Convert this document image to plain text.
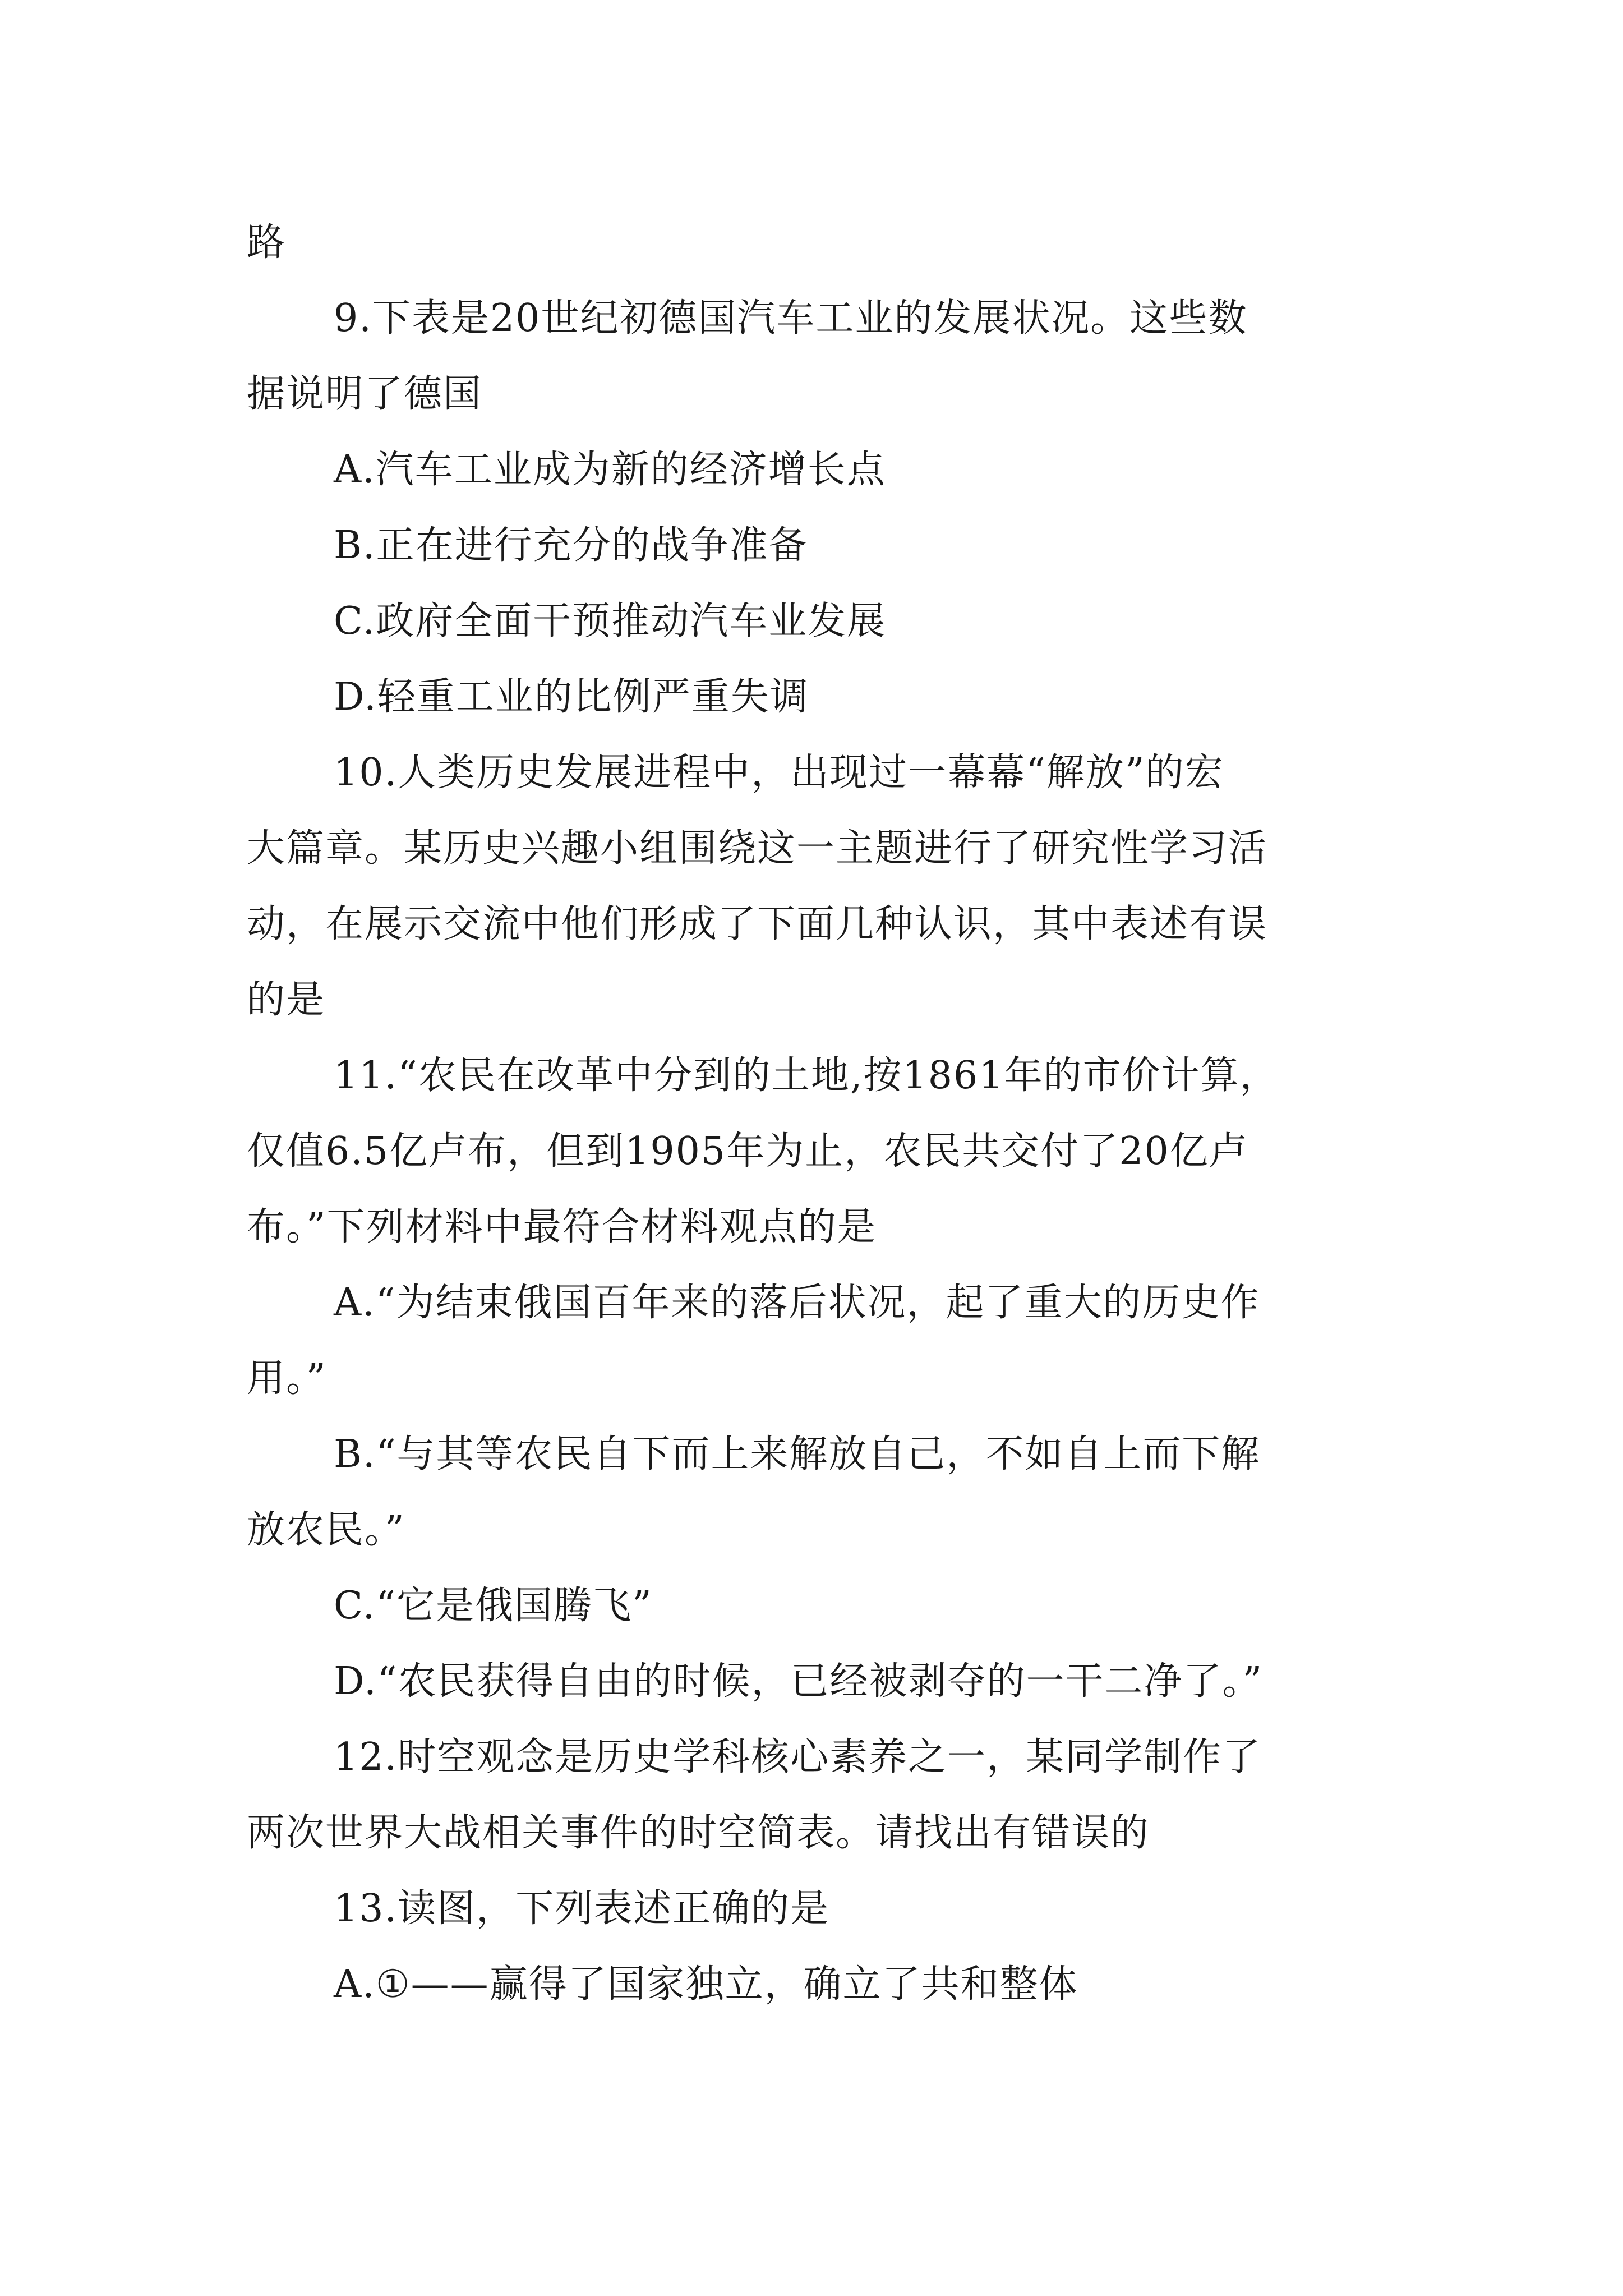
路
9.下表是20世纪初德国汽车工业的发展状况。这些数
据说明了德国
A.汽车工业成为新的经济增长点
B.正在进行充分的战争准备
C.政府全面干预推动汽车业发展
D.轻重工业的比例严重失调
10.人类历史发展进程中，出现过一幕幕“解放”的宏
大篇章。某历史兴趣小组围绕这一主题进行了研究性学习活
动，在展示交流中他们形成了下面几种认识，其中表述有误
的是
11.“农民在改革中分到的土地,按1861年的市价计算，
仅值6.5亿卢布，但到1905年为止，农民共交付了20亿卢
布。”下列材料中最符合材料观点的是
A.“为结束俄国百年来的落后状况，起了重大的历史作
用。”
B.“与其等农民自下而上来解放自己，不如自上而下解
放农民。”
C.“它是俄国腾飞”
D.“农民获得自由的时候，已经被剥夺的一干二净了。”
12.时空观念是历史学科核心素养之一，某同学制作了
两次世界大战相关事件的时空简表。请找出有错误的
13.读图，下列表述正确的是
A.①——赢得了国家独立，确立了共和整体
